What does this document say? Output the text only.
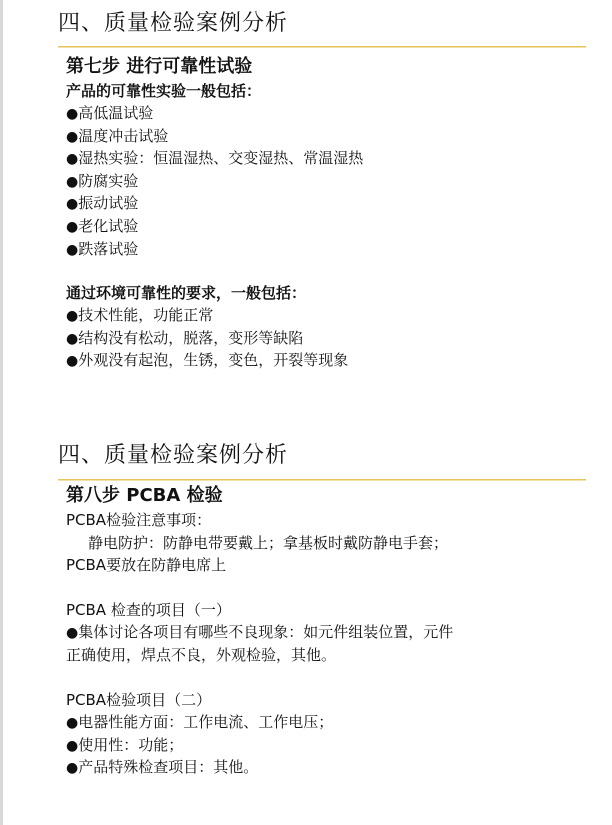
四、质量检验案例分析
第七步 进行可靠性试验
产品的可靠性实验一般包括：
●高低温试验
●温度冲击试验
●湿热实验：恒温湿热、交变湿热、常温湿热
●防腐实验
●振动试验
●老化试验
●跌落试验
通过环境可靠性的要求，一般包括：
●技术性能，功能正常
●结构没有松动，脱落，变形等缺陷
●外观没有起泡，生锈，变色，开裂等现象
四、质量检验案例分析
第八步 PCBA 检验
PCBA检验注意事项：
静电防护：防静电带要戴上；拿基板时戴防静电手套；
PCBA要放在防静电席上
PCBA 检查的项目（一）
●集体讨论各项目有哪些不良现象：如元件组装位置，元件
正确使用，焊点不良，外观检验，其他。
PCBA检验项目（二）
●电器性能方面：工作电流、工作电压；
●使用性：功能；
●产品特殊检查项目：其他。
